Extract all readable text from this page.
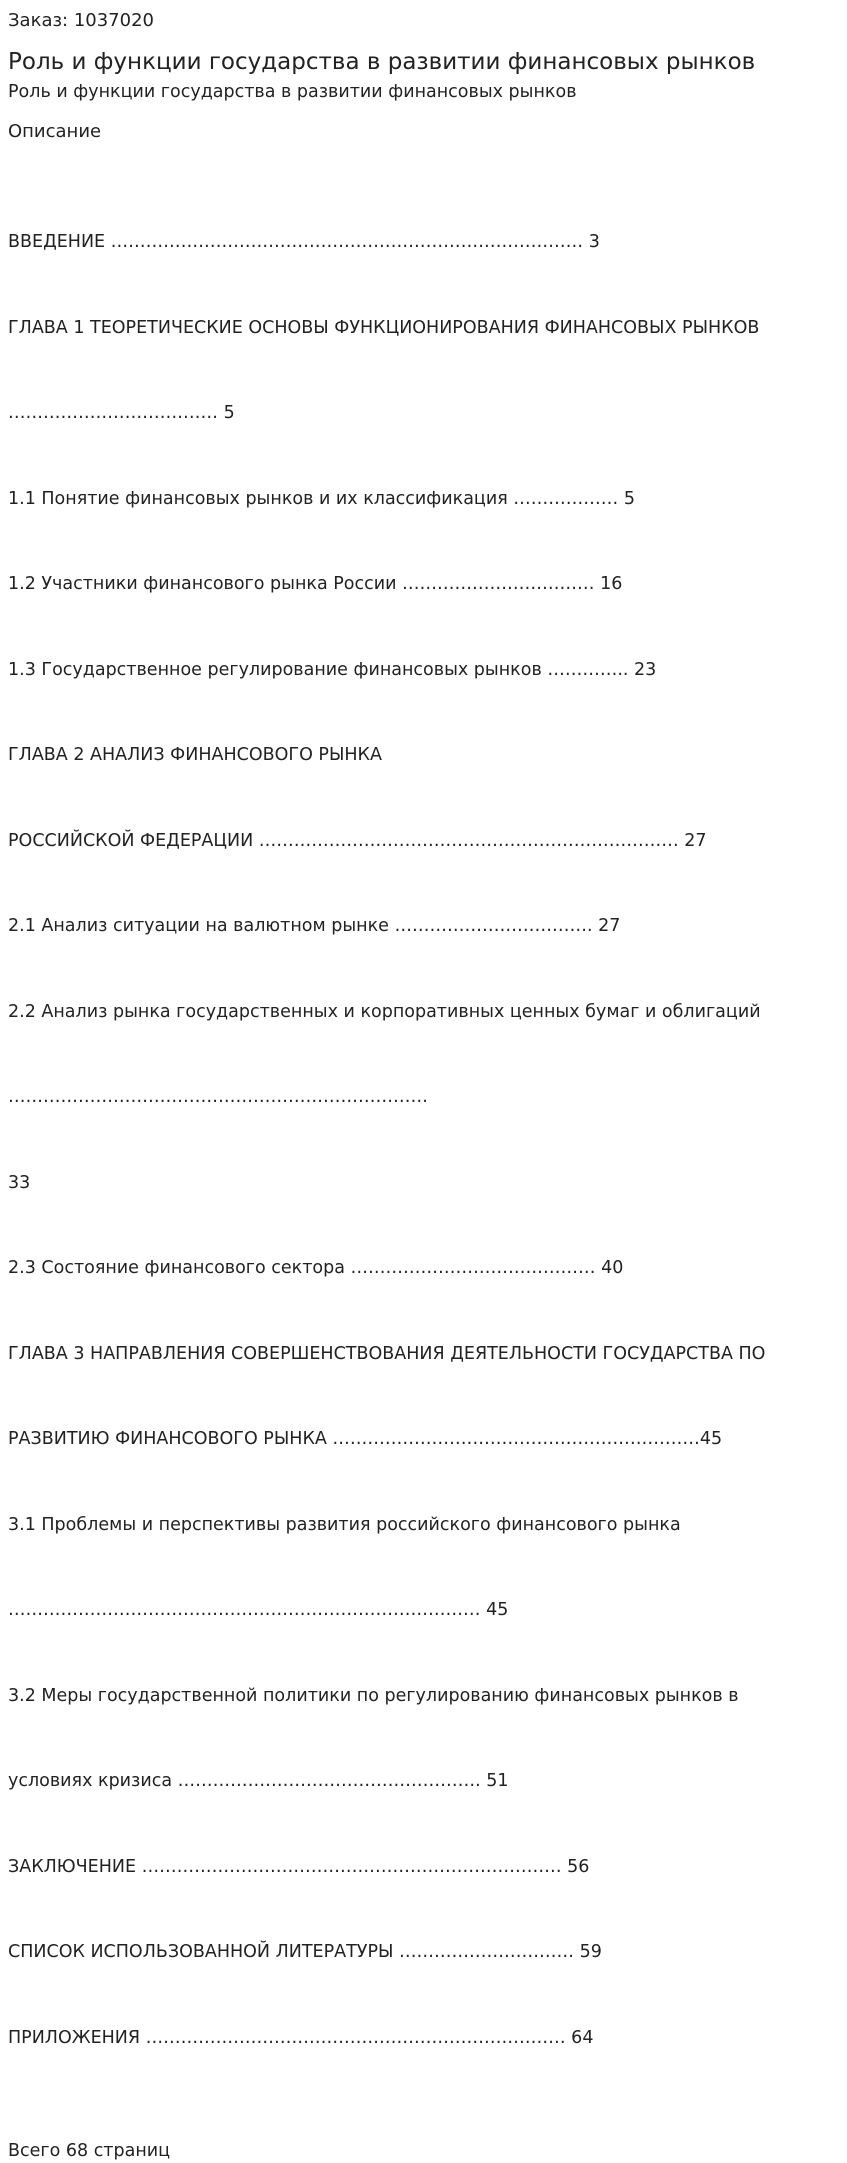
Заказ: 1037020
Роль и функции государства в развитии финансовых рынков
Роль и функции государства в развитии финансовых рынков
Описание

ВВЕДЕНИЕ ……………………………………………………………………… 3

ГЛАВА 1 ТЕОРЕТИЧЕСКИЕ ОСНОВЫ ФУНКЦИОНИРОВАНИЯ ФИНАНСОВЫХ РЫНКОВ

……………………………… 5

1.1 Понятие финансовых рынков и их классификация ……………… 5

1.2 Участники финансового рынка России …………………………… 16

1.3 Государственное регулирование финансовых рынков ………….. 23

ГЛАВА 2 АНАЛИЗ ФИНАНСОВОГО РЫНКА

РОССИЙСКОЙ ФЕДЕРАЦИИ ……………………………………………………………… 27

2.1 Анализ ситуации на валютном рынке ……………………………. 27

2.2 Анализ рынка государственных и корпоративных ценных бумаг и облигаций

………………………………………………………………

33

2.3 Состояние финансового сектора …………………………………… 40

ГЛАВА 3 НАПРАВЛЕНИЯ СОВЕРШЕНСТВОВАНИЯ ДЕЯТЕЛЬНОСТИ ГОСУДАРСТВА ПО

РАЗВИТИЮ ФИНАНСОВОГО РЫНКА ………………………………………………………45

3.1 Проблемы и перспективы развития российского финансового рынка

……………………………………………………………………… 45

3.2 Меры государственной политики по регулированию финансовых рынков в

условиях кризиса ……………………………………………. 51

ЗАКЛЮЧЕНИЕ ……………………………………………………………… 56

СПИСОК ИСПОЛЬЗОВАННОЙ ЛИТЕРАТУРЫ ………………………… 59

ПРИЛОЖЕНИЯ ……………………………………………………………… 64

Всего 68 страниц
